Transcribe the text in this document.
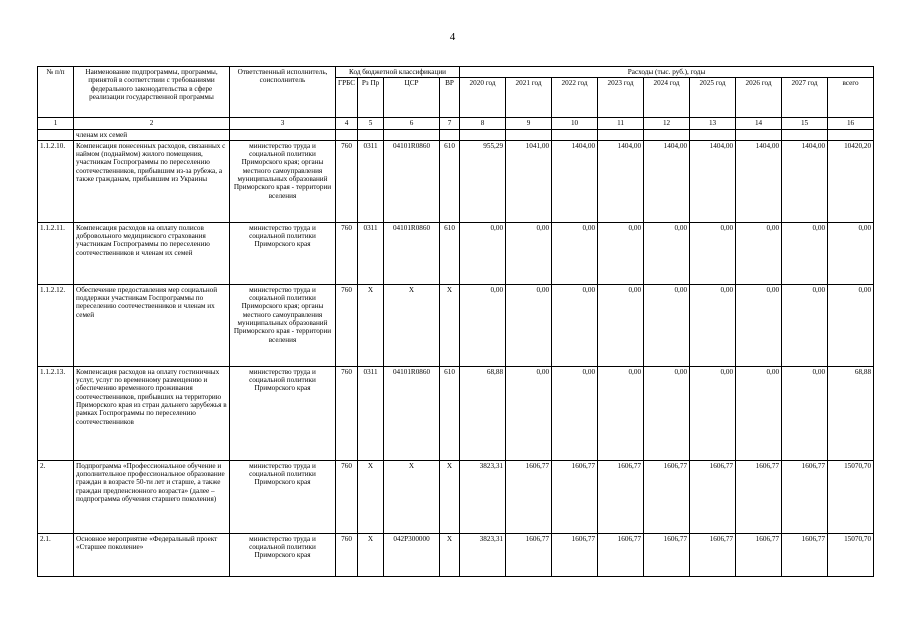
4
№ п/п	Наименование подпрограммы, программы, принятой в соответствии с требованиями федерального законодательства в сфере реализации государственной программы	Ответственный исполнитель, соисполнитель	Код бюджетной классификации				Расходы (тыс. руб.), годы								
			ГРБС	Рз Пр	ЦСР	ВР	2020 год	2021 год	2022 год	2023 год	2024 год	2025 год	2026 год	2027 год	всего
1	2	3	4	5	6	7	8	9	10	11	12	13	14	15	16
	членам их семей														
1.1.2.10.	Компенсация понесенных расходов, связанных с наймом (поднаймом) жилого помещения, участникам Госпрограммы по переселению соотечественников, прибывшим из-за рубежа, а также гражданам, прибывшим из Украины	министерство труда и социальной политики Приморского края; органы местного самоуправления муниципальных образований Приморского края - территории вселения	760	0311	04101R0860	610	955,29	1041,00	1404,00	1404,00	1404,00	1404,00	1404,00	1404,00	10420,20
1.1.2.11.	Компенсация расходов на оплату полисов добровольного медицинского страхования участникам Госпрограммы по переселению соотечественников и членам их семей	министерство труда и социальной политики Приморского края	760	0311	04101R0860	610	0,00	0,00	0,00	0,00	0,00	0,00	0,00	0,00	0,00
1.1.2.12.	Обеспечение предоставления мер социальной поддержки участникам Госпрограммы по переселению соотечественников и членам их семей	министерство труда и социальной политики Приморского края; органы местного самоуправления муниципальных образований Приморского края - территории вселения	760	Х	Х	Х	0,00	0,00	0,00	0,00	0,00	0,00	0,00	0,00	0,00
1.1.2.13.	Компенсация расходов на оплату гостиничных услуг, услуг по временному размещению и обеспечению временного проживания соотечественников, прибывших на территорию Приморского края из стран дальнего зарубежья в рамках Госпрограммы по переселению соотечественников	министерство труда и социальной политики Приморского края	760	0311	04101R0860	610	68,88	0,00	0,00	0,00	0,00	0,00	0,00	0,00	68,88
2.	Подпрограмма «Профессиональное обучение и дополнительное профессиональное образование граждан в возрасте 50-ти лет и старше, а также граждан предпенсионного возраста» (далее – подпрограмма обучения старшего поколения)	министерство труда и социальной политики Приморского края	760	Х	Х	Х	3823,31	1606,77	1606,77	1606,77	1606,77	1606,77	1606,77	1606,77	15070,70
2.1.	Основное мероприятие «Федеральный проект «Старшее поколение»	министерство труда и социальной политики Приморского края	760	Х	042P300000	Х	3823,31	1606,77	1606,77	1606,77	1606,77	1606,77	1606,77	1606,77	15070,70
